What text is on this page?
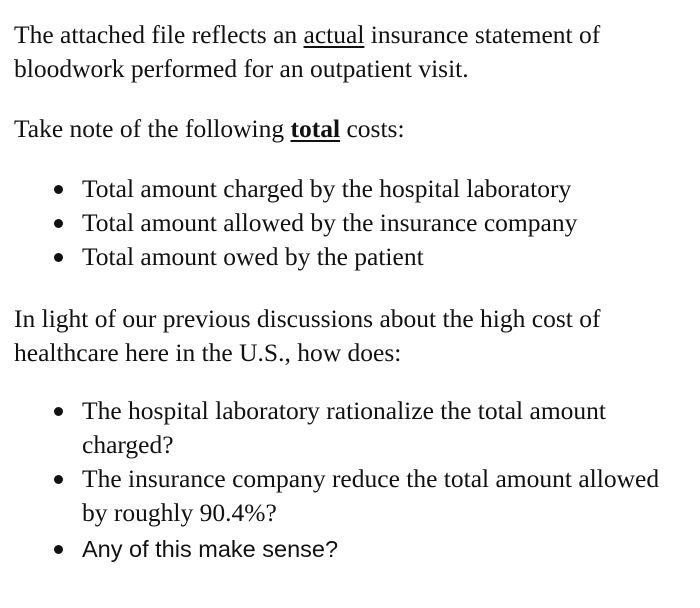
The attached file reflects an actual insurance statement of bloodwork performed for an outpatient visit.

Take note of the following total costs:

Total amount charged by the hospital laboratory
Total amount allowed by the insurance company
Total amount owed by the patient

In light of our previous discussions about the high cost of healthcare here in the U.S., how does:

The hospital laboratory rationalize the total amount charged?
The insurance company reduce the total amount allowed by roughly 90.4%?
Any of this make sense?
